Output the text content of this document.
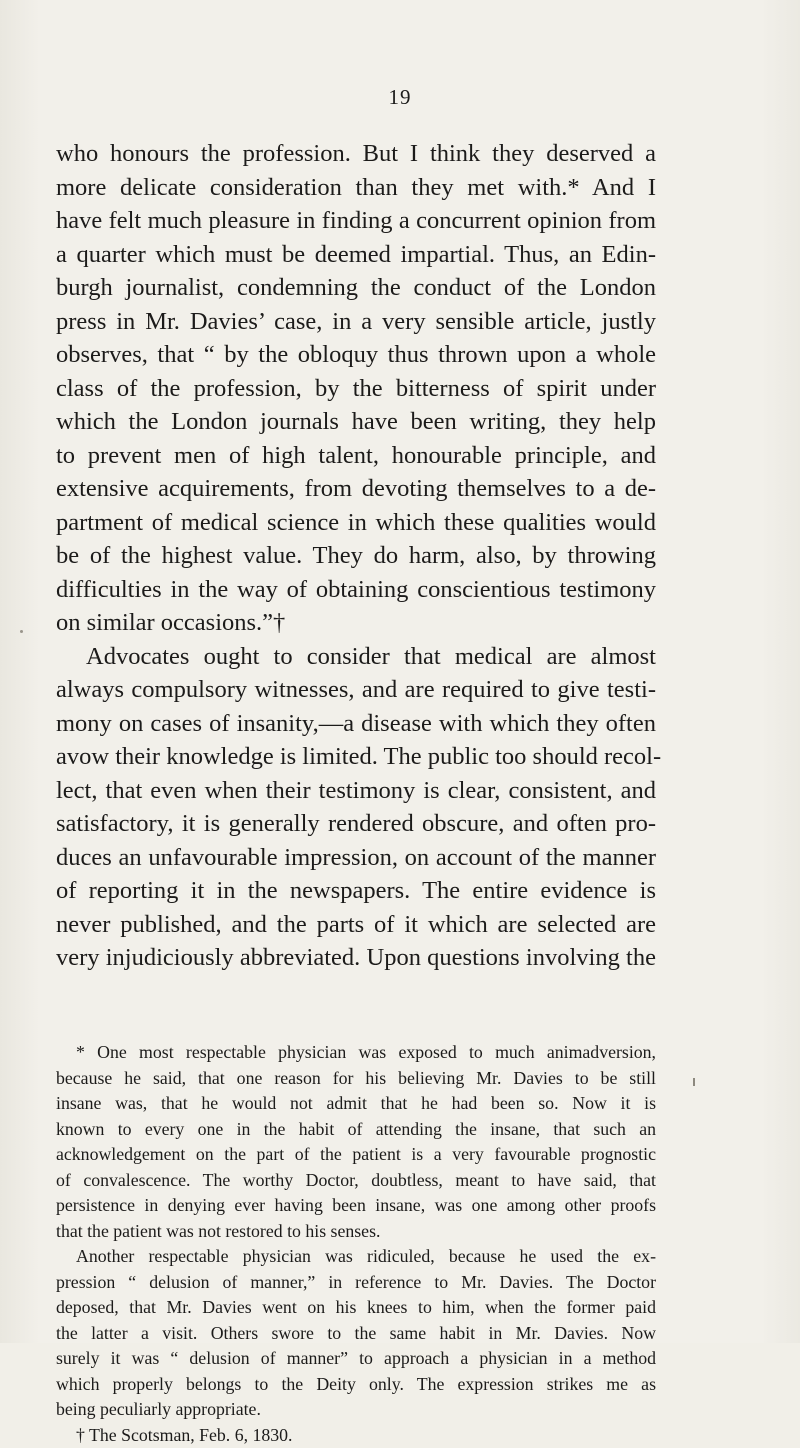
19
who honours the profession. But I think they deserved a
more delicate consideration than they met with.* And I
have felt much pleasure in finding a concurrent opinion from
a quarter which must be deemed impartial. Thus, an Edin-
burgh journalist, condemning the conduct of the London
press in Mr. Davies’ case, in a very sensible article, justly
observes, that “ by the obloquy thus thrown upon a whole
class of the profession, by the bitterness of spirit under
which the London journals have been writing, they help
to prevent men of high talent, honourable principle, and
extensive acquirements, from devoting themselves to a de-
partment of medical science in which these qualities would
be of the highest value. They do harm, also, by throwing
difficulties in the way of obtaining conscientious testimony
on similar occasions.”†
Advocates ought to consider that medical are almost
always compulsory witnesses, and are required to give testi-
mony on cases of insanity,—a disease with which they often
avow their knowledge is limited. The public too should recol-
lect, that even when their testimony is clear, consistent, and
satisfactory, it is generally rendered obscure, and often pro-
duces an unfavourable impression, on account of the manner
of reporting it in the newspapers. The entire evidence is
never published, and the parts of it which are selected are
very injudiciously abbreviated. Upon questions involving the
* One most respectable physician was exposed to much animadversion,
because he said, that one reason for his believing Mr. Davies to be still
insane was, that he would not admit that he had been so. Now it is
known to every one in the habit of attending the insane, that such an
acknowledgement on the part of the patient is a very favourable prognostic
of convalescence. The worthy Doctor, doubtless, meant to have said, that
persistence in denying ever having been insane, was one among other proofs
that the patient was not restored to his senses.
Another respectable physician was ridiculed, because he used the ex-
pression “ delusion of manner,” in reference to Mr. Davies. The Doctor
deposed, that Mr. Davies went on his knees to him, when the former paid
the latter a visit. Others swore to the same habit in Mr. Davies. Now
surely it was “ delusion of manner” to approach a physician in a method
which properly belongs to the Deity only. The expression strikes me as
being peculiarly appropriate.
† The Scotsman, Feb. 6, 1830.
